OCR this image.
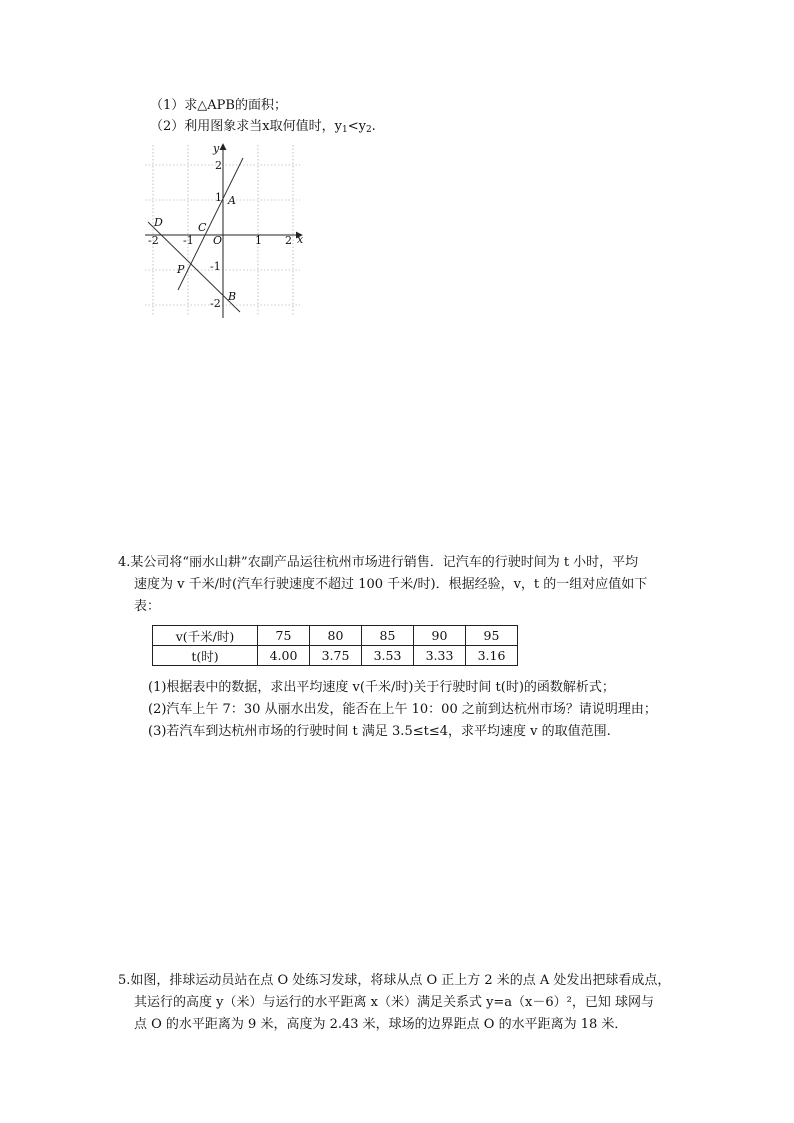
（1）求△APB的面积；
（2）利用图象求当x取何值时，$y_1<y_2$.
y
x
-2 -1	1 2
2
1
-1
-2
O
A
B
C
D
P
4.某公司将“丽水山耕”农副产品运往杭州市场进行销售．记汽车的行驶时间为 t 小时，平均
速度为 v 千米/时(汽车行驶速度不超过 100 千米/时)．根据经验，v，t 的一组对应值如下
表：
v(千米/时)	75	80	85	90	95
t(时)	4.00	3.75	3.53	3.33	3.16
(1)根据表中的数据，求出平均速度 v(千米/时)关于行驶时间 t(时)的函数解析式；
(2)汽车上午 7：30 从丽水出发，能否在上午 10：00 之前到达杭州市场？请说明理由；
(3)若汽车到达杭州市场的行驶时间 t 满足 3.5≤t≤4，求平均速度 v 的取值范围.
5.如图，排球运动员站在点 O 处练习发球，将球从点 O 正上方 2 米的点 A 处发出把球看成点，
其运行的高度 y（米）与运行的水平距离 x（米）满足关系式 y=a（x－6）²，已知 球网与
点 O 的水平距离为 9 米，高度为 2.43 米，球场的边界距点 O 的水平距离为 18 米．
